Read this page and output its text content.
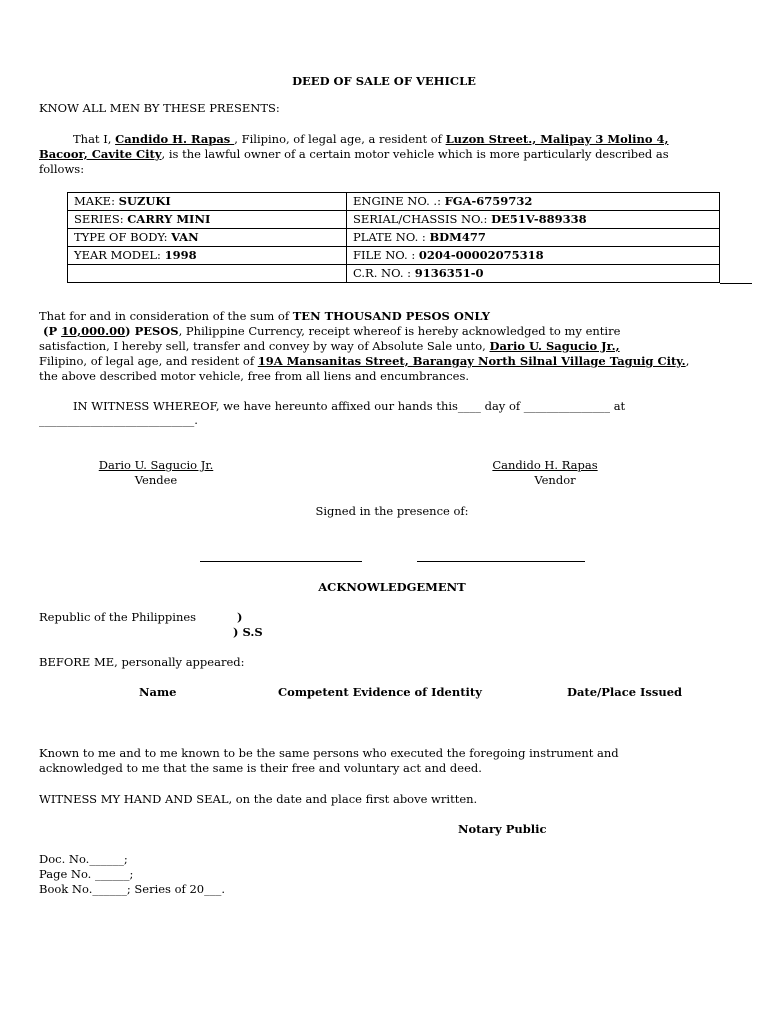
DEED OF SALE OF VEHICLE
KNOW ALL MEN BY THESE PRESENTS:
That I, Candido H. Rapas , Filipino, of legal age, a resident of Luzon Street., Malipay 3 Molino 4,
Bacoor, Cavite City, is the lawful owner of a certain motor vehicle which is more particularly described as
follows:
MAKE: SUZUKI	ENGINE NO. .: FGA-6759732
SERIES: CARRY MINI	SERIAL/CHASSIS NO.: DE51V-889338
TYPE OF BODY: VAN	PLATE NO. : BDM477
YEAR MODEL: 1998	FILE NO. : 0204-00002075318
	C.R. NO. : 9136351-0
That for and in consideration of the sum of TEN THOUSAND PESOS ONLY
(P 10,000.00) PESOS, Philippine Currency, receipt whereof is hereby acknowledged to my entire
satisfaction, I hereby sell, transfer and convey by way of Absolute Sale unto, Dario U. Sagucio Jr.,
Filipino, of legal age, and resident of 19A Mansanitas Street, Barangay North Silnal Village Taguig City.,
the above described motor vehicle, free from all liens and encumbrances.
IN WITNESS WHEREOF, we have hereunto affixed our hands this____ day of _______________ at
___________________________.
Dario U. Sagucio Jr.
Vendee
Candido H. Rapas
Vendor
Signed in the presence of:
ACKNOWLEDGEMENT
Republic of the Philippines	)
) S.S
BEFORE ME, personally appeared:
Name	Competent Evidence of Identity	Date/Place Issued
Known to me and to me known to be the same persons who executed the foregoing instrument and
acknowledged to me that the same is their free and voluntary act and deed.
WITNESS MY HAND AND SEAL, on the date and place first above written.
Notary Public
Doc. No.______;
Page No. ______;
Book No.______; Series of 20___.
